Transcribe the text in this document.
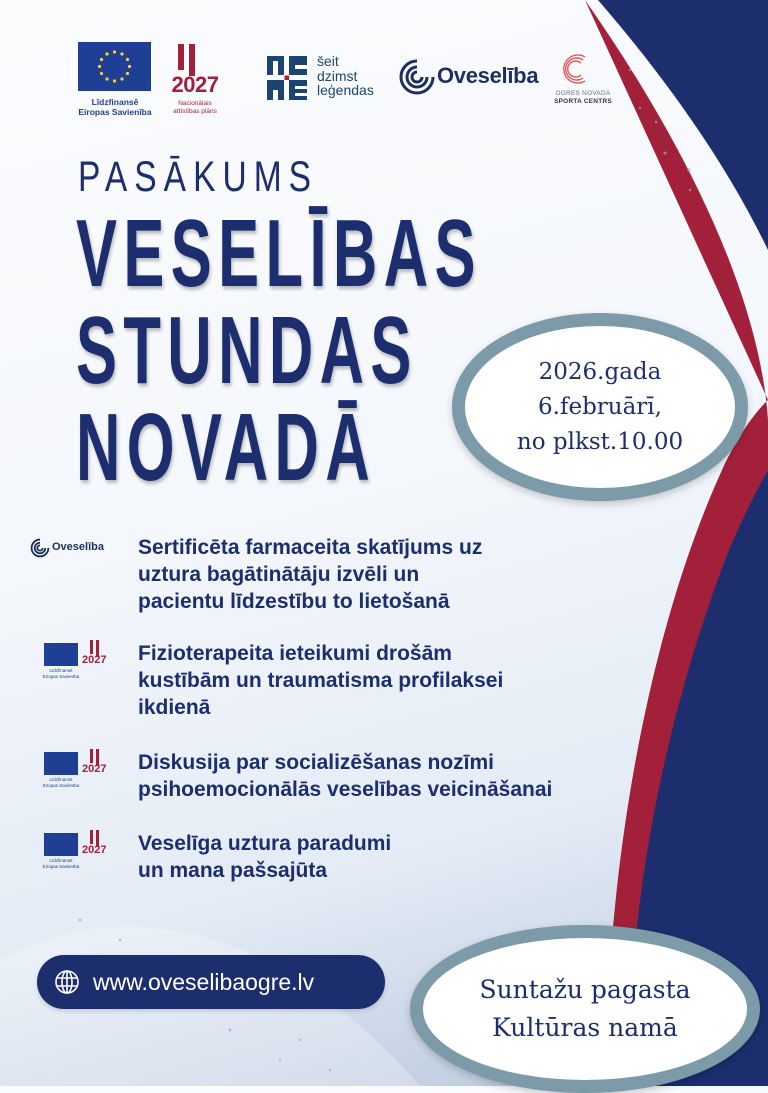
Līdzfinansē
Eiropas Savienība
2027
Nacionālais
attīstības plāns
šeit
dzimst
leģendas
Oveselība
OGRES NOVADA
SPORTA CENTRS
PASĀKUMS
VESELĪBAS
STUNDAS
NOVADĀ
2026.gada
6.februārī,
no plkst.10.00
Oveselība Sertificēta farmaceita skatījums uz
uztura bagātinātāju izvēli un
pacientu līdzestību to lietošanā
Līdzfinansē
Eiropas Savienība
2027 Fizioterapeita ieteikumi drošām
kustībām un traumatisma profilaksei
ikdienā
Līdzfinansē
Eiropas Savienība
2027 Diskusija par socializēšanas nozīmi
psihoemocionālās veselības veicināšanai
Līdzfinansē
Eiropas Savienība
2027 Veselīga uztura paradumi
un mana pašsajūta
www.oveselibaogre.lv	Suntažu pagasta
Kultūras namā
